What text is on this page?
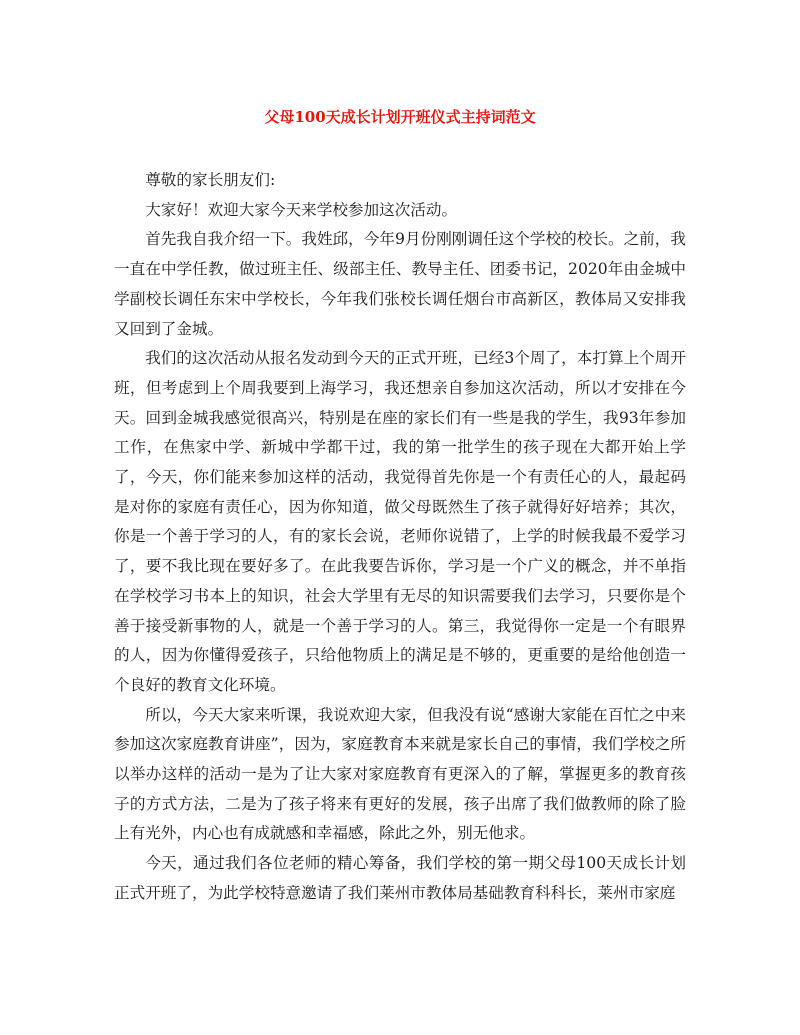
父母100天成长计划开班仪式主持词范文

尊敬的家长朋友们:

大家好！欢迎大家今天来学校参加这次活动。

首先我自我介绍一下。我姓邱，今年9月份刚刚调任这个学校的校长。之前，我一直在中学任教，做过班主任、级部主任、教导主任、团委书记，2020年由金城中学副校长调任东宋中学校长，今年我们张校长调任烟台市高新区，教体局又安排我又回到了金城。

我们的这次活动从报名发动到今天的正式开班，已经3个周了，本打算上个周开班，但考虑到上个周我要到上海学习，我还想亲自参加这次活动，所以才安排在今天。回到金城我感觉很高兴，特别是在座的家长们有一些是我的学生，我93年参加工作，在焦家中学、新城中学都干过，我的第一批学生的孩子现在大都开始上学了，今天，你们能来参加这样的活动，我觉得首先你是一个有责任心的人，最起码是对你的家庭有责任心，因为你知道，做父母既然生了孩子就得好好培养；其次，你是一个善于学习的人，有的家长会说，老师你说错了，上学的时候我最不爱学习了，要不我比现在要好多了。在此我要告诉你，学习是一个广义的概念，并不单指在学校学习书本上的知识，社会大学里有无尽的知识需要我们去学习，只要你是个善于接受新事物的人，就是一个善于学习的人。第三，我觉得你一定是一个有眼界的人，因为你懂得爱孩子，只给他物质上的满足是不够的，更重要的是给他创造一个良好的教育文化环境。

所以，今天大家来听课，我说欢迎大家，但我没有说“感谢大家能在百忙之中来参加这次家庭教育讲座”，因为，家庭教育本来就是家长自己的事情，我们学校之所以举办这样的活动一是为了让大家对家庭教育有更深入的了解，掌握更多的教育孩子的方式方法，二是为了孩子将来有更好的发展，孩子出席了我们做教师的除了脸上有光外，内心也有成就感和幸福感，除此之外，别无他求。

今天，通过我们各位老师的精心筹备，我们学校的第一期父母100天成长计划正式开班了，为此学校特意邀请了我们莱州市教体局基础教育科科长，莱州市家庭
